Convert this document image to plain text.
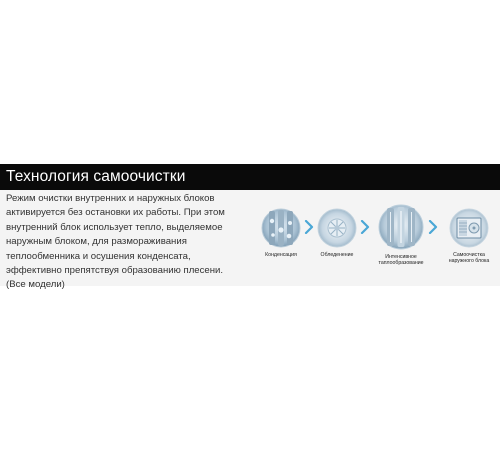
Технология самоочистки

Режим очистки внутренних и наружных блоков
активируется без остановки их работы. При этом
внутренний блок использует тепло, выделяемое
наружным блоком, для размораживания
теплообменника и осушения конденсата,
эффективно препятствуя образованию плесени.
(Все модели)

Конденсация	Обледенение	Интенсивное
таплообразование
Самоочистка
наружного блока
